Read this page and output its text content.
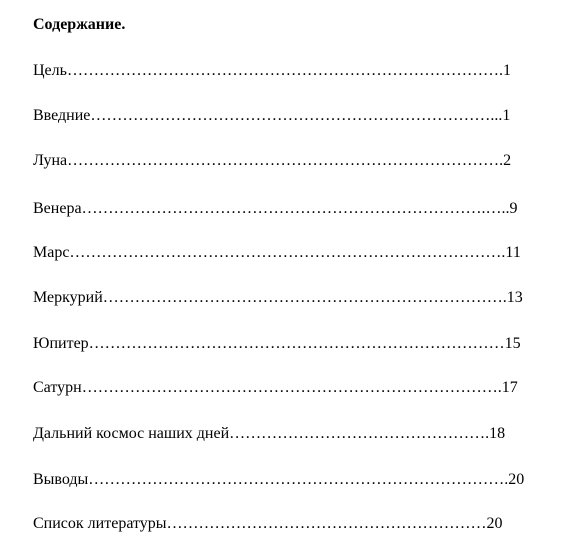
Содержание.
Цель……………………………………………………………………….1
Введние…………………………………………………………………...1
Луна……………………………………………………………………….2
Венера………………………………………………………………….…..9
Марс……………………………………………………………………….11
Меркурий………………………………………………………………….13
Юпитер……………………………………………………………………15
Сатурн…………………………………………………………………….17
Дальний космос наших дней………………………………………….18
Выводы…………………………………………………………………….20
Список литературы……………………………………………………20
